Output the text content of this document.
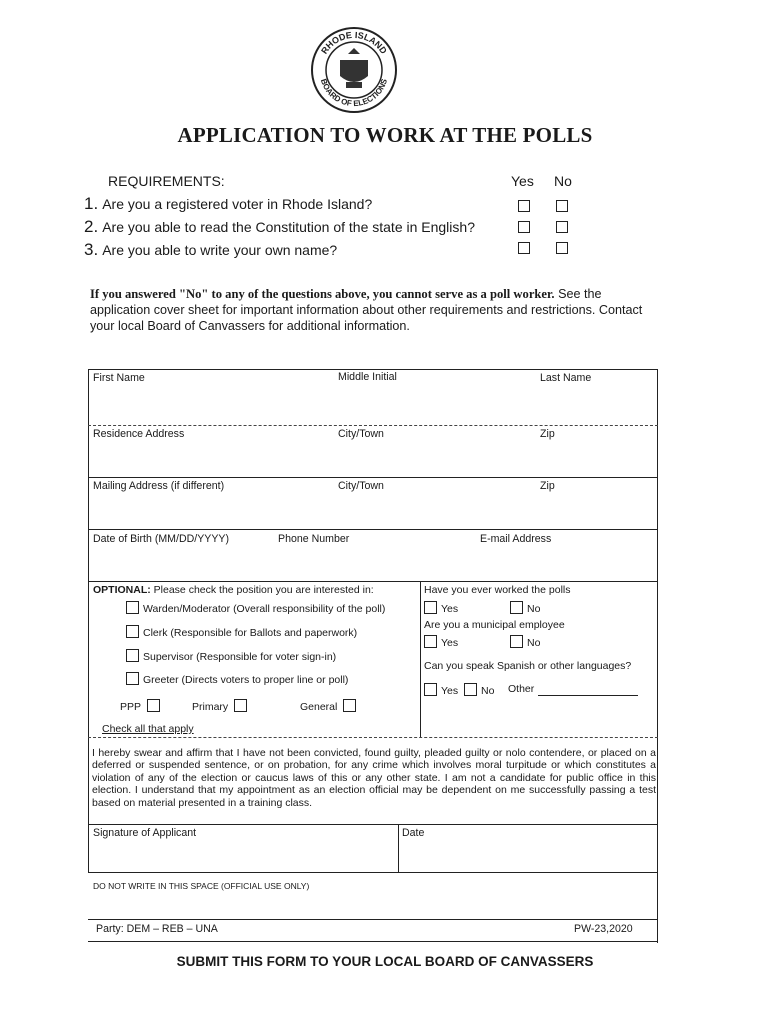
RHODE ISLAND
BOARD OF ELECTIONS
APPLICATION TO WORK AT THE POLLS
REQUIREMENTS:	Yes No
1. Are you a registered voter in Rhode Island?
2. Are you able to read the Constitution of the state in English?
3. Are you able to write your own name?
If you answered "No" to any of the questions above, you cannot serve as a poll worker. See the application cover sheet for important information about other requirements and restrictions. Contact your local Board of Canvassers for additional information.
First Name	Middle Initial	Last Name
Residence Address	City/Town	Zip
Mailing Address (if different)	City/Town	Zip
Date of Birth (MM/DD/YYYY)	Phone Number	E-mail Address
OPTIONAL: Please check the position you are interested in:
Warden/Moderator (Overall responsibility of the poll)
Clerk (Responsible for Ballots and paperwork)
Supervisor (Responsible for voter sign-in)
Greeter (Directs voters to proper line or poll)
PPP	Primary	General
Check all that apply
Have you ever worked the polls
Yes	No
Are you a municipal employee
Yes	No
Can you speak Spanish or other languages?
Yes	No Other
I hereby swear and affirm that I have not been convicted, found guilty, pleaded guilty or nolo contendere, or placed on a deferred or suspended sentence, or on probation, for any crime which involves moral turpitude or which constitutes a violation of any of the election or caucus laws of this or any other state. I am not a candidate for public office in this election. I understand that my appointment as an election official may be dependent on me successfully passing a test based on material presented in a training class.
Signature of Applicant	Date
DO NOT WRITE IN THIS SPACE (OFFICIAL USE ONLY)
Party: DEM – REB – UNA	PW-23,2020
SUBMIT THIS FORM TO YOUR LOCAL BOARD OF CANVASSERS
